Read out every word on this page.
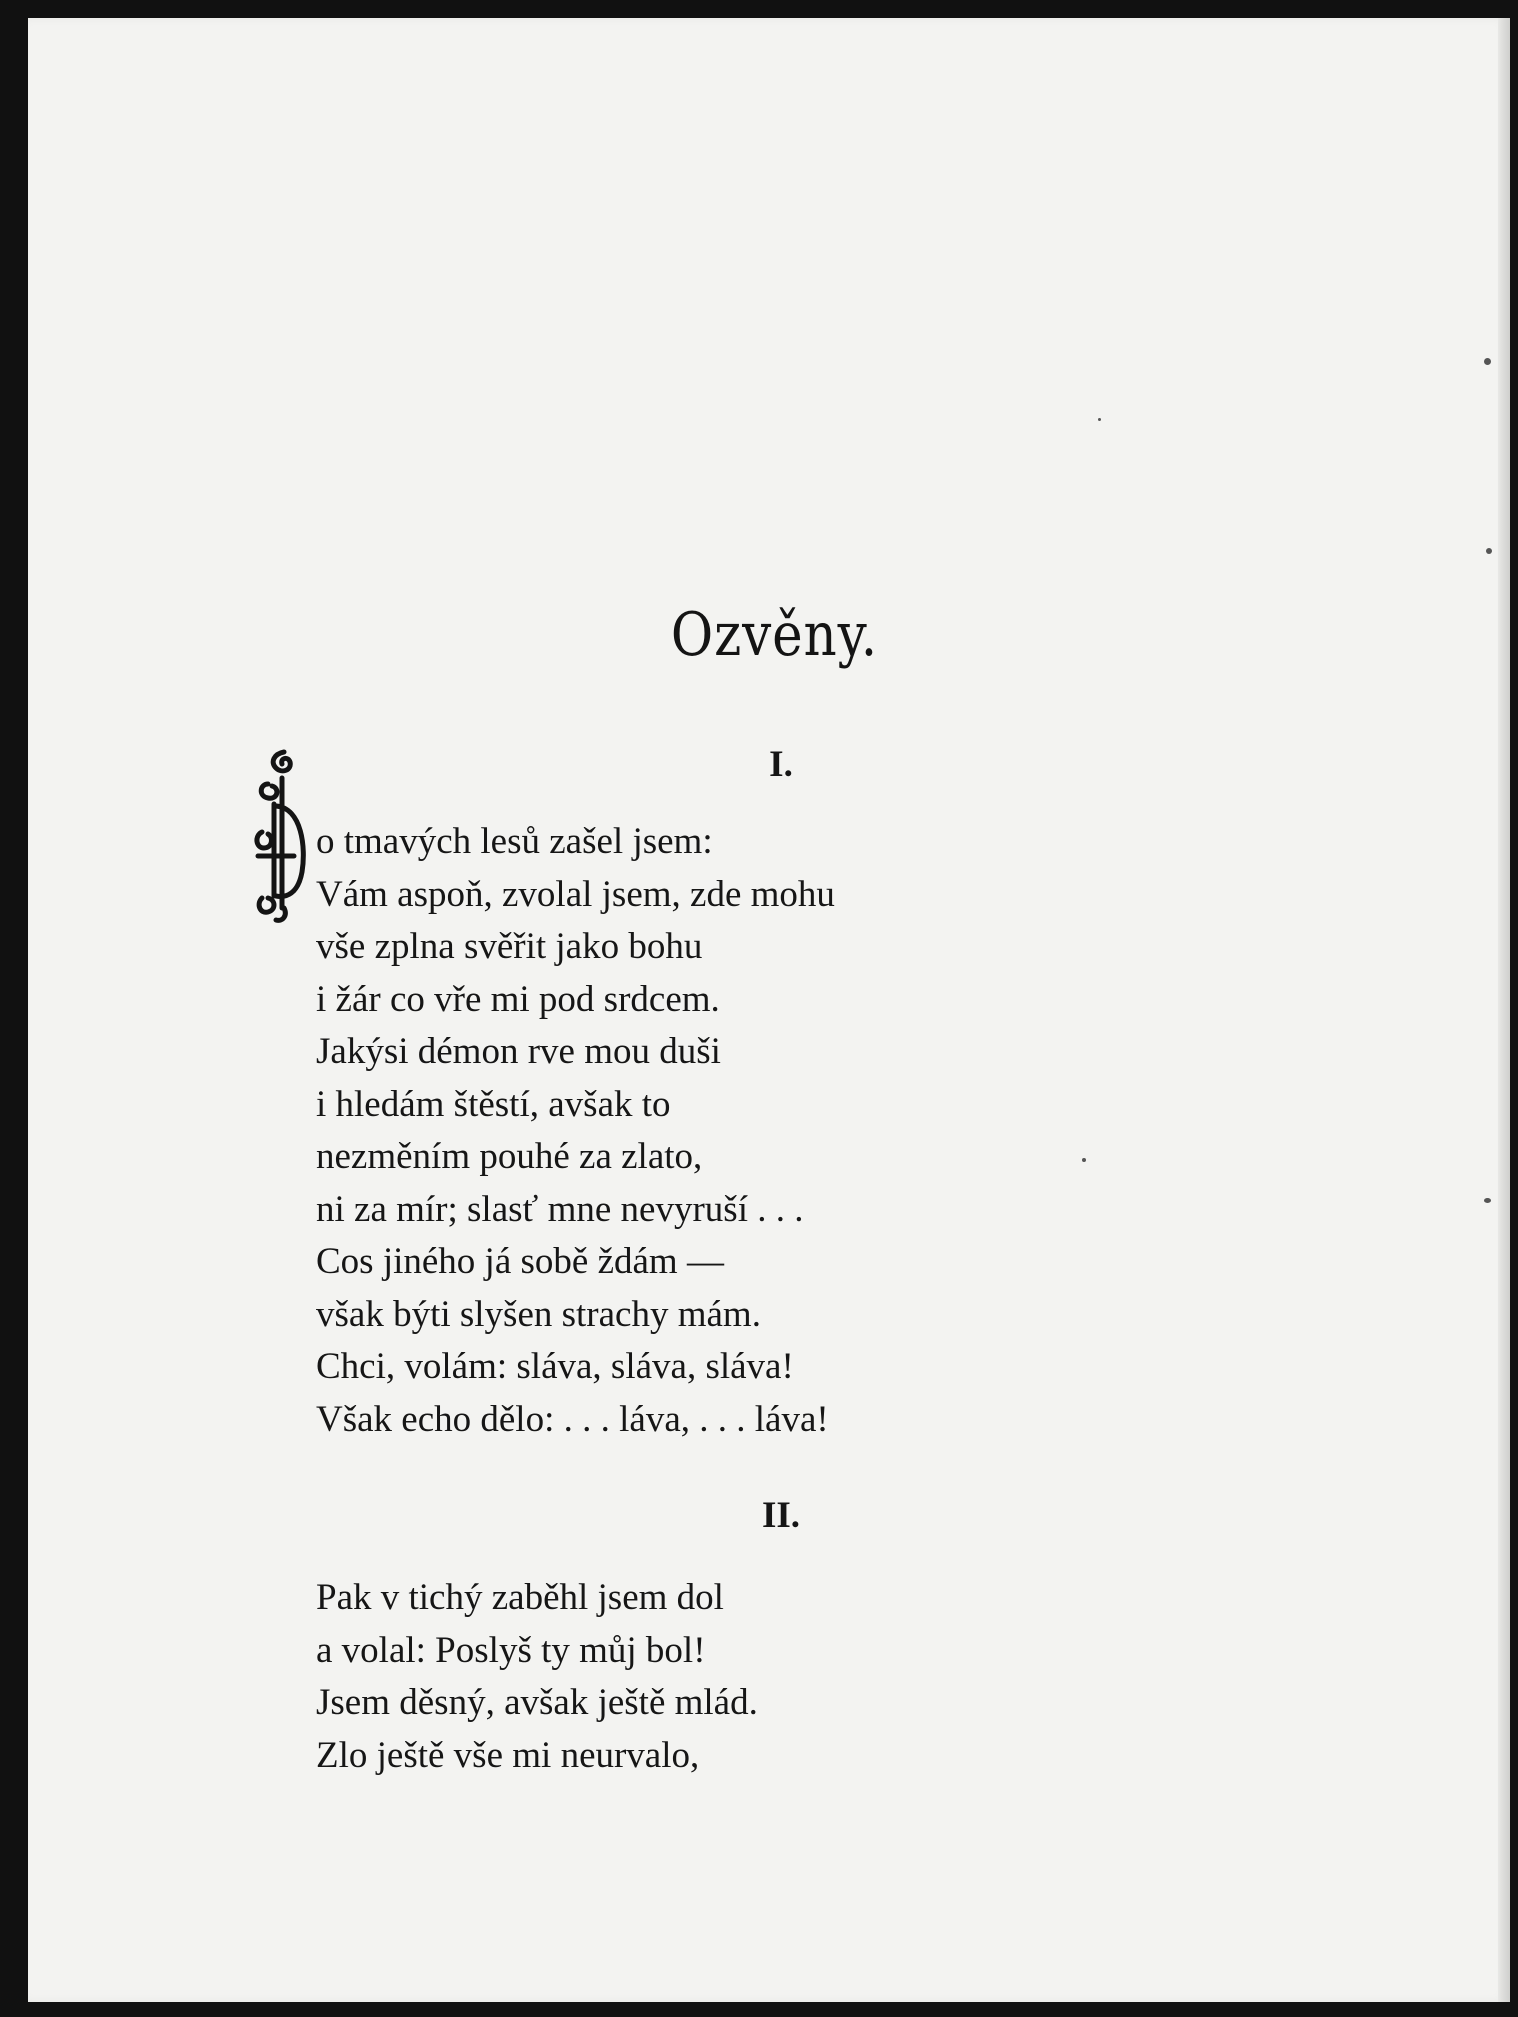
Ozvěny.
I.
o tmavých lesů zašel jsem:
Vám aspoň, zvolal jsem, zde mohu
vše zplna svěřit jako bohu
i žár co vře mi pod srdcem.
Jakýsi démon rve mou duši
i hledám štěstí, avšak to
nezměním pouhé za zlato,
ni za mír; slasť mne nevyruší . . .
Cos jiného já sobě ždám —
však býti slyšen strachy mám.
Chci, volám: sláva, sláva, sláva!
Však echo dělo: . . . láva, . . . láva!
II.
Pak v tichý zaběhl jsem dol
a volal: Poslyš ty můj bol!
Jsem děsný, avšak ještě mlád.
Zlo ještě vše mi neurvalo,
